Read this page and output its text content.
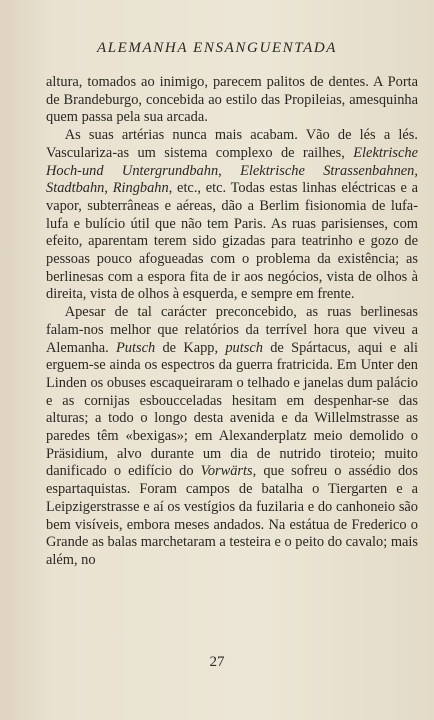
ALEMANHA ENSANGUENTADA

altura, tomados ao inimigo, parecem palitos de dentes. A Porta de Brandeburgo, concebida ao estilo das Propileias, amesquinha quem passa pela sua arcada.

As suas artérias nunca mais acabam. Vão de lés a lés. Vasculariza-as um sistema complexo de railhes, Elektrische Hoch-und Untergrundbahn, Elektrische Strassenbahnen, Stadtbahn, Ringbahn, etc., etc. Todas estas linhas eléctricas e a vapor, subterrâneas e aéreas, dão a Berlim fisionomia de lufa-lufa e bulício útil que não tem Paris. As ruas parisienses, com efeito, aparentam terem sido gizadas para teatrinho e gozo de pessoas pouco afogueadas com o problema da existência; as berlinesas com a espora fita de ir aos negócios, vista de olhos à direita, vista de olhos à esquerda, e sempre em frente.

Apesar de tal carácter preconcebido, as ruas berlinesas falam-nos melhor que relatórios da terrível hora que viveu a Alemanha. Putsch de Kapp, putsch de Spártacus, aqui e ali erguem-se ainda os espectros da guerra fratricida. Em Unter den Linden os obuses escaqueiraram o telhado e janelas dum palácio e as cornijas esboucceladas hesitam em despenhar-se das alturas; a todo o longo desta avenida e da Willelmstrasse as paredes têm «bexigas»; em Alexanderplatz meio demolido o Präsidium, alvo durante um dia de nutrido tiroteio; muito danificado o edifício do Vorwärts, que sofreu o assédio dos espartaquistas. Foram campos de batalha o Tiergarten e a Leipzigerstrasse e aí os vestígios da fuzilaria e do canhoneio são bem visíveis, embora meses andados. Na estátua de Frederico o Grande as balas marchetaram a testeira e o peito do cavalo; mais além, no

27
